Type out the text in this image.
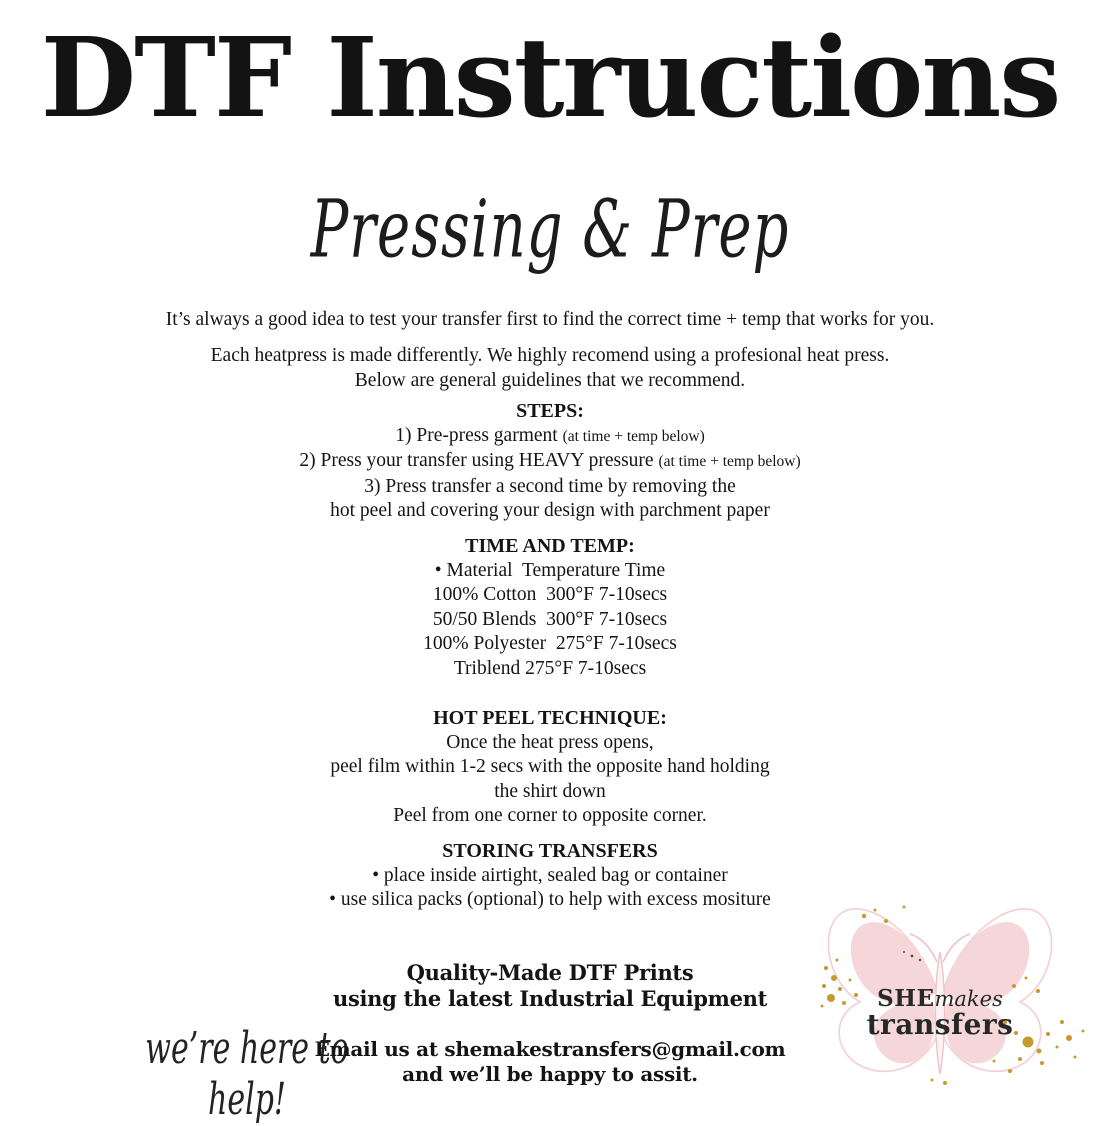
DTF Instructions
Pressing & Prep
It’s always a good idea to test your transfer first to find the correct time + temp that works for you.
Each heatpress is made differently. We highly recomend using a profesional heat press.
Below are general guidelines that we recommend.
STEPS:
1) Pre-press garment (at time + temp below)
2) Press your transfer using HEAVY pressure (at time + temp below)
3) Press transfer a second time by removing the
hot peel and covering your design with parchment paper
TIME AND TEMP:
• Material  Temperature Time
100% Cotton  300°F 7-10secs
50/50 Blends  300°F 7-10secs
100% Polyester  275°F 7-10secs
Triblend 275°F 7-10secs
HOT PEEL TECHNIQUE:
Once the heat press opens,
peel film within 1-2 secs with the opposite hand holding
the shirt down
Peel from one corner to opposite corner.
STORING TRANSFERS
• place inside airtight, sealed bag or container
• use silica packs (optional) to help with excess mositure
Quality-Made DTF Prints
using the latest Industrial Equipment
we’re here to help!
Email us at shemakestransfers@gmail.com
and we’ll be happy to assit.
SHEmakes
transfers
